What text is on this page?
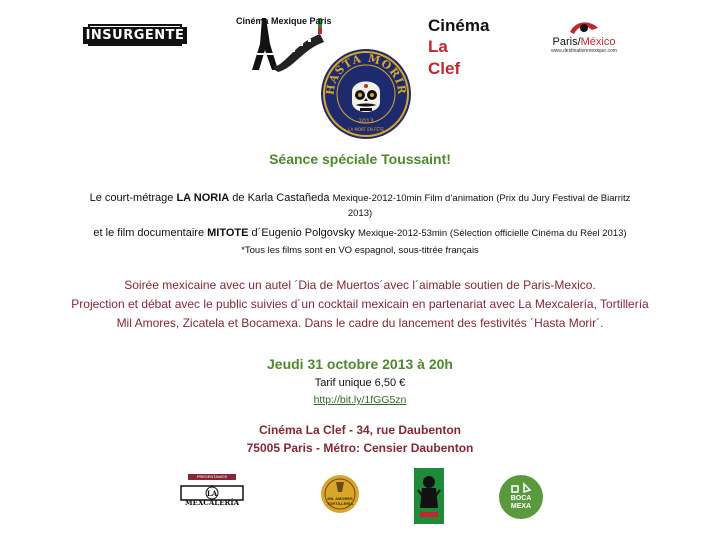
INSURGENTE
Cinéma Mexique Paris	Cinéma
La Clef
Paris/México
www.destinationmexique.com
HASTA MORIR
2013
LA MORT EN FÊTE
Séance spéciale Toussaint!
Le court-métrage LA NORIA de Karla Castañeda Mexique-2012-10min Film d’animation (Prix du Jury Festival de Biarritz
2013)
et le film documentaire MITOTE d´Eugenio Polgovsky Mexique-2012-53min (Sélection officielle Cinéma du Réel 2013)
*Tous les films sont en VO espagnol, sous-titrée français
Soirée mexicaine avec un autel ´Dia de Muertos´avec l´aimable soutien de Paris-Mexico.
Projection et débat avec le public suivies d´un cocktail mexicain en partenariat avec La Mexcalería, Tortillería
Mil Amores, Zicatela et Bocamexa. Dans le cadre du lancement des festivités ´Hasta Morir´.
Jeudi 31 octobre 2013 à 20h
Tarif unique 6,50 €
http://bit.ly/1fGG5zn
Cinéma La Clef - 34, rue Daubenton
75005 Paris - Métro: Censier Daubenton
PRESENTAMOS SESIONES
LA MEXCALERÍA	MIL AMORES
TORTILLERÍA
BOCA
MEXA
